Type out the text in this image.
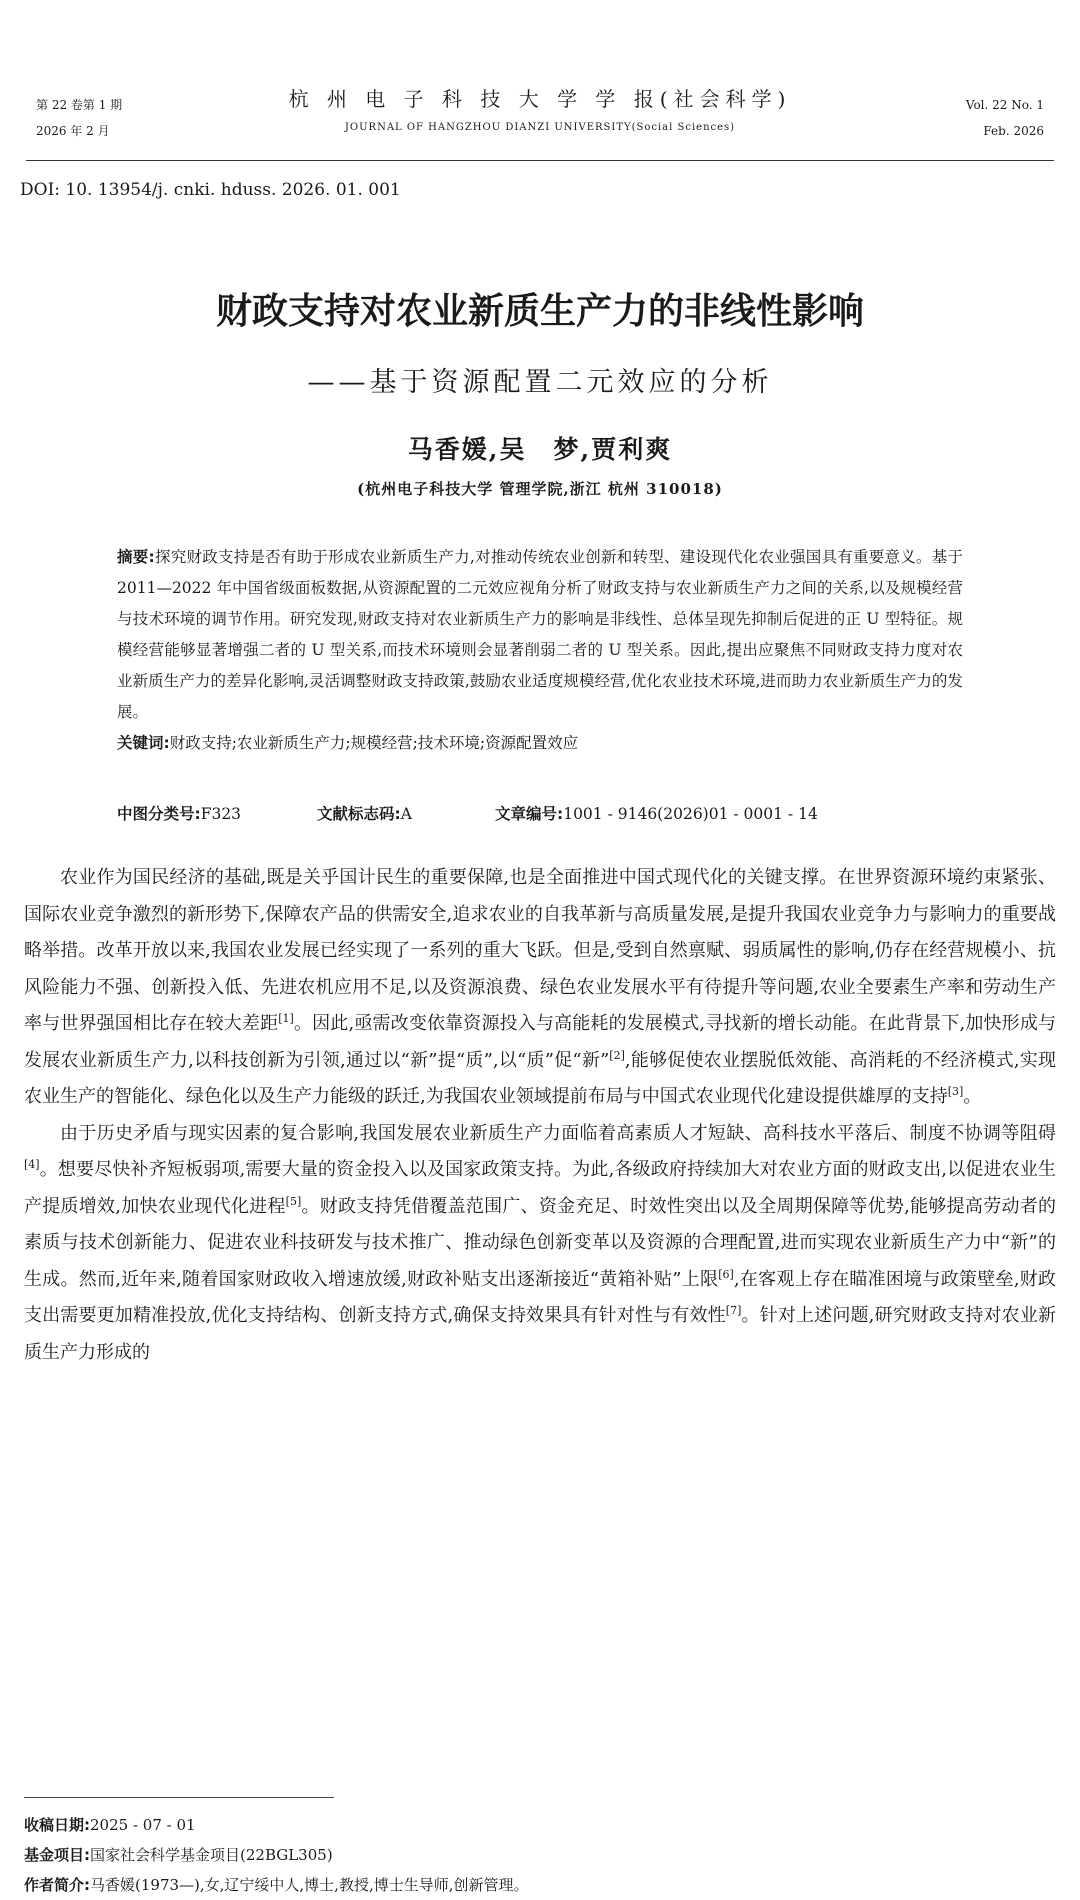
第 22 卷第 1 期
2026 年 2 月
杭 州 电 子 科 技 大 学 学 报(社会科学)
JOURNAL OF HANGZHOU DIANZI UNIVERSITY(Social Sciences)
Vol. 22 No. 1
Feb. 2026
DOI: 10. 13954/j. cnki. hduss. 2026. 01. 001
财政支持对农业新质生产力的非线性影响
——基于资源配置二元效应的分析
马香媛,吴　梦,贾利爽
(杭州电子科技大学 管理学院,浙江 杭州 310018)
摘要:探究财政支持是否有助于形成农业新质生产力,对推动传统农业创新和转型、建设现代化农业强国具有重要意义。基于 2011—2022 年中国省级面板数据,从资源配置的二元效应视角分析了财政支持与农业新质生产力之间的关系,以及规模经营与技术环境的调节作用。研究发现,财政支持对农业新质生产力的影响是非线性、总体呈现先抑制后促进的正 U 型特征。规模经营能够显著增强二者的 U 型关系,而技术环境则会显著削弱二者的 U 型关系。因此,提出应聚焦不同财政支持力度对农业新质生产力的差异化影响,灵活调整财政支持政策,鼓励农业适度规模经营,优化农业技术环境,进而助力农业新质生产力的发展。
关键词:财政支持;农业新质生产力;规模经营;技术环境;资源配置效应
中图分类号:F323	文献标志码:A	文章编号:1001 - 9146(2026)01 - 0001 - 14

农业作为国民经济的基础,既是关乎国计民生的重要保障,也是全面推进中国式现代化的关键支撑。在世界资源环境约束紧张、国际农业竞争激烈的新形势下,保障农产品的供需安全,追求农业的自我革新与高质量发展,是提升我国农业竞争力与影响力的重要战略举措。改革开放以来,我国农业发展已经实现了一系列的重大飞跃。但是,受到自然禀赋、弱质属性的影响,仍存在经营规模小、抗风险能力不强、创新投入低、先进农机应用不足,以及资源浪费、绿色农业发展水平有待提升等问题,农业全要素生产率和劳动生产率与世界强国相比存在较大差距[1]。因此,亟需改变依靠资源投入与高能耗的发展模式,寻找新的增长动能。在此背景下,加快形成与发展农业新质生产力,以科技创新为引领,通过以“新”提“质”,以“质”促“新”[2],能够促使农业摆脱低效能、高消耗的不经济模式,实现农业生产的智能化、绿色化以及生产力能级的跃迁,为我国农业领域提前布局与中国式农业现代化建设提供雄厚的支持[3]。

由于历史矛盾与现实因素的复合影响,我国发展农业新质生产力面临着高素质人才短缺、高科技水平落后、制度不协调等阻碍[4]。想要尽快补齐短板弱项,需要大量的资金投入以及国家政策支持。为此,各级政府持续加大对农业方面的财政支出,以促进农业生产提质增效,加快农业现代化进程[5]。财政支持凭借覆盖范围广、资金充足、时效性突出以及全周期保障等优势,能够提高劳动者的素质与技术创新能力、促进农业科技研发与技术推广、推动绿色创新变革以及资源的合理配置,进而实现农业新质生产力中“新”的生成。然而,近年来,随着国家财政收入增速放缓,财政补贴支出逐渐接近“黄箱补贴”上限[6],在客观上存在瞄准困境与政策壁垒,财政支出需要更加精准投放,优化支持结构、创新支持方式,确保支持效果具有针对性与有效性[7]。针对上述问题,研究财政支持对农业新质生产力形成的

收稿日期:2025 - 07 - 01
基金项目:国家社会科学基金项目(22BGL305)
作者简介:马香媛(1973—),女,辽宁绥中人,博士,教授,博士生导师,创新管理。
